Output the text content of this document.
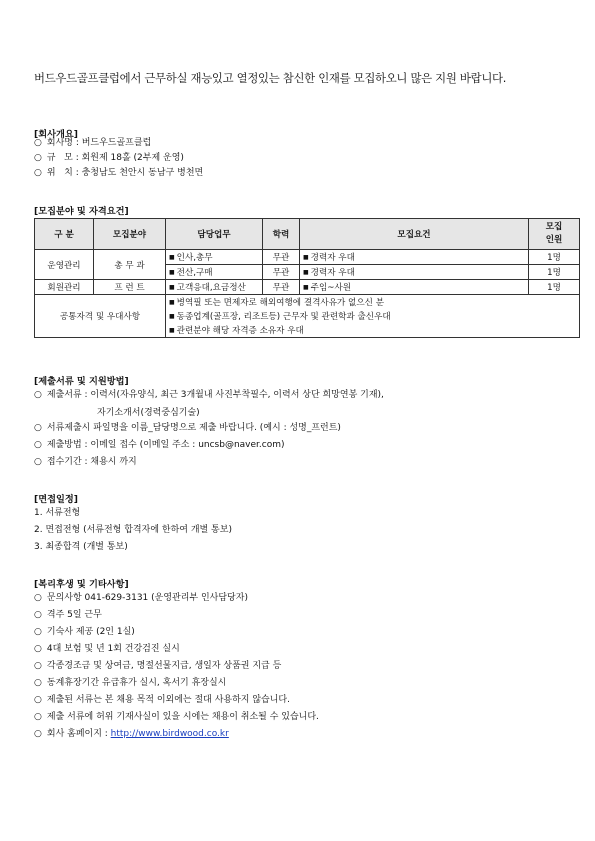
버드우드골프클럽에서 근무하실 재능있고 열정있는 참신한 인재를 모집하오니 많은 지원 바랍니다.
[회사개요]
○ 회사명 : 버드우드골프클럽
○ 규   모 : 회원제 18홀 (2부제 운영)
○ 위   치 : 충청남도 천안시 동남구 병천면
[모집분야 및 자격요건]
구 분	모집분야	담당업무	학력	모집요건	모집
인원
운영관리	총 무 과	■ 인사,총무	무관	■경력자 우대	1명
■ 전산,구매	무관	■경력자 우대	1명
회원관리	프 런 트	■고객응대,요금정산	무관	■주임~사원	1명
공통자격 및 우대사항	■ 병역필 또는 면제자로 해외여행에 결격사유가 없으신 분
■ 동종업계(골프장, 리조트등) 근무자 및 관련학과 출신우대
■ 관련분야 해당 자격증 소유자 우대
[제출서류 및 지원방법]
○ 제출서류 : 이력서(자유양식, 최근 3개월내 사진부착필수, 이력서 상단 희망연봉 기재),
자기소개서(경력중심기술)
○ 서류제출시 파일명을 이름_담당명으로 제출 바랍니다. (예시 : 성명_프런트)
○ 제출방법 : 이메일 접수 (이메일 주소 : uncsb@naver.com)
○ 접수기간 : 채용시 까지
[면접일정]
1. 서류전형
2. 면접전형 (서류전형 합격자에 한하여 개별 통보)
3. 최종합격 (개별 통보)
[복리후생 및 기타사항]
○ 문의사항 041-629-3131 (운영관리부 인사담당자)
○ 격주 5일 근무
○ 기숙사 제공 (2인 1실)
○ 4대 보험 및 년 1회 건강검진 실시
○ 각종경조금 및 상여금, 명절선물지급, 생일자 상품권 지급 등
○ 동계휴장기간 유급휴가 실시, 혹서기 휴장실시
○ 제출된 서류는 본 채용 목적 이외에는 절대 사용하지 않습니다.
○ 제출 서류에 허위 기재사실이 있을 시에는 채용이 취소될 수 있습니다.
○ 회사 홈페이지 : http://www.birdwood.co.kr
